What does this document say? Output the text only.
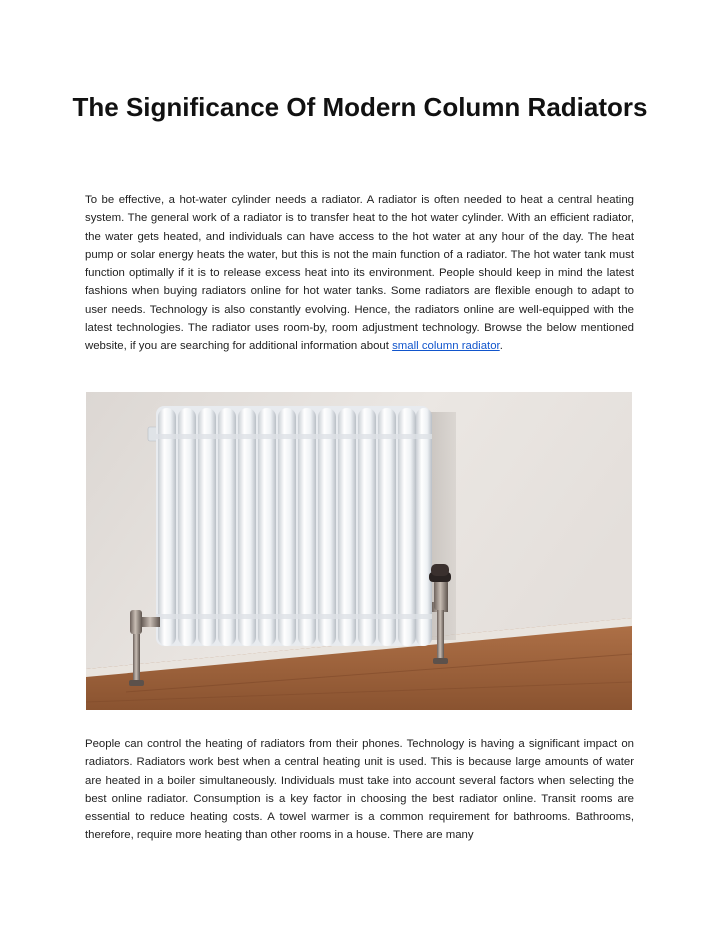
The Significance Of Modern Column Radiators

To be effective, a hot-water cylinder needs a radiator. A radiator is often needed to heat a central heating system. The general work of a radiator is to transfer heat to the hot water cylinder. With an efficient radiator, the water gets heated, and individuals can have access to the hot water at any hour of the day. The heat pump or solar energy heats the water, but this is not the main function of a radiator. The hot water tank must function optimally if it is to release excess heat into its environment. People should keep in mind the latest fashions when buying radiators online for hot water tanks. Some radiators are flexible enough to adapt to user needs. Technology is also constantly evolving. Hence, the radiators online are well-equipped with the latest technologies. The radiator uses room-by, room adjustment technology. Browse the below mentioned website, if you are searching for additional information about small column radiator.

People can control the heating of radiators from their phones. Technology is having a significant impact on radiators. Radiators work best when a central heating unit is used. This is because large amounts of water are heated in a boiler simultaneously. Individuals must take into account several factors when selecting the best online radiator. Consumption is a key factor in choosing the best radiator online. Transit rooms are essential to reduce heating costs. A towel warmer is a common requirement for bathrooms. Bathrooms, therefore, require more heating than other rooms in a house. There are many
